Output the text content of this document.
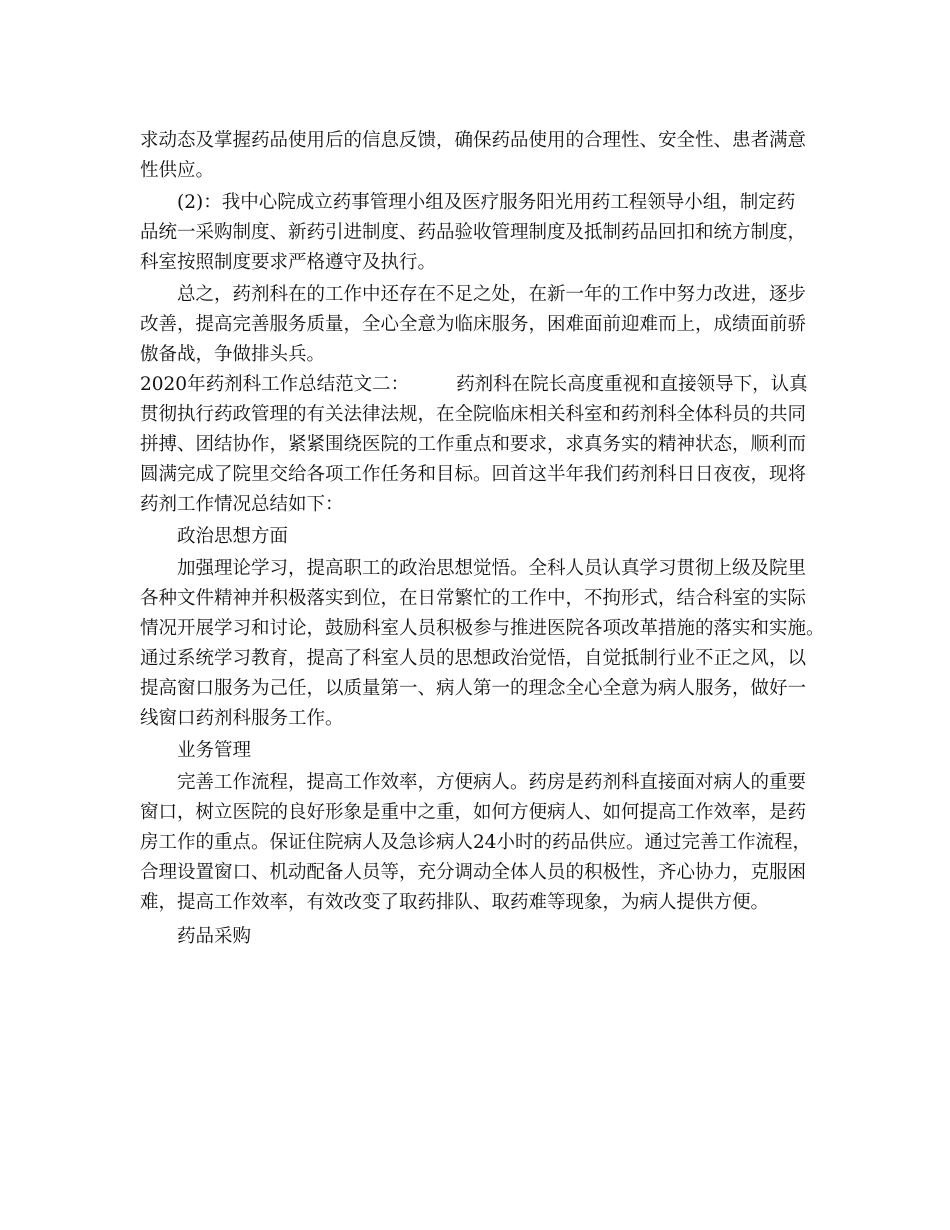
求动态及掌握药品使用后的信息反馈，确保药品使用的合理性、安全性、患者满意
性供应。
(2)：我中心院成立药事管理小组及医疗服务阳光用药工程领导小组，制定药
品统一采购制度、新药引进制度、药品验收管理制度及抵制药品回扣和统方制度，
科室按照制度要求严格遵守及执行。
总之，药剂科在的工作中还存在不足之处，在新一年的工作中努力改进，逐步
改善，提高完善服务质量，全心全意为临床服务，困难面前迎难而上，成绩面前骄
傲备战，争做排头兵。
2020年药剂科工作总结范文二：        药剂科在院长高度重视和直接领导下，认真
贯彻执行药政管理的有关法律法规，在全院临床相关科室和药剂科全体科员的共同
拼搏、团结协作，紧紧围绕医院的工作重点和要求，求真务实的精神状态，顺利而
圆满完成了院里交给各项工作任务和目标。回首这半年我们药剂科日日夜夜，现将
药剂工作情况总结如下：
政治思想方面
加强理论学习，提高职工的政治思想觉悟。全科人员认真学习贯彻上级及院里
各种文件精神并积极落实到位，在日常繁忙的工作中，不拘形式，结合科室的实际
情况开展学习和讨论，鼓励科室人员积极参与推进医院各项改革措施的落实和实施。
通过系统学习教育，提高了科室人员的思想政治觉悟，自觉抵制行业不正之风，以
提高窗口服务为己任，以质量第一、病人第一的理念全心全意为病人服务，做好一
线窗口药剂科服务工作。
业务管理
完善工作流程，提高工作效率，方便病人。药房是药剂科直接面对病人的重要
窗口，树立医院的良好形象是重中之重，如何方便病人、如何提高工作效率，是药
房工作的重点。保证住院病人及急诊病人24小时的药品供应。通过完善工作流程，
合理设置窗口、机动配备人员等，充分调动全体人员的积极性，齐心协力，克服困
难，提高工作效率，有效改变了取药排队、取药难等现象，为病人提供方便。
药品采购
